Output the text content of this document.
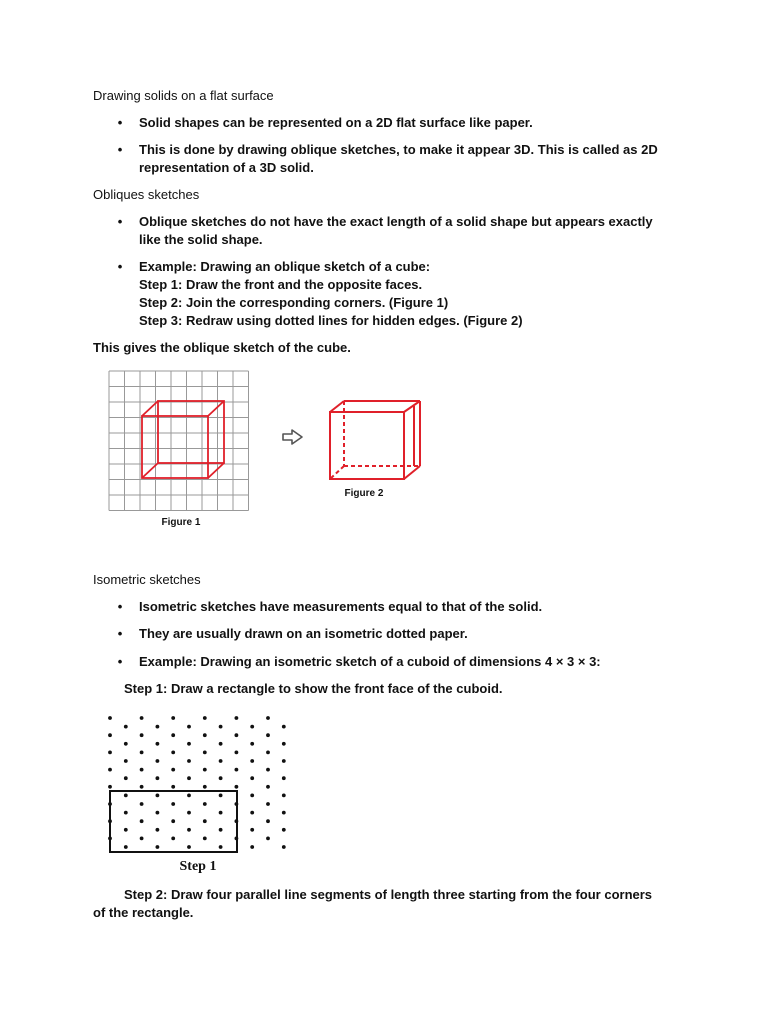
Drawing solids on a flat surface
• Solid shapes can be represented on a 2D flat surface like paper.
• This is done by drawing oblique sketches, to make it appear 3D. This is called as 2D
representation of a 3D solid.
Obliques sketches
• Oblique sketches do not have the exact length of a solid shape but appears exactly
like the solid shape.
• Example: Drawing an oblique sketch of a cube:
Step 1: Draw the front and the opposite faces.
Step 2: Join the corresponding corners. (Figure 1)
Step 3: Redraw using dotted lines for hidden edges. (Figure 2)
This gives the oblique sketch of the cube.
Figure 1
Figure 2
Isometric sketches
• Isometric sketches have measurements equal to that of the solid.
• They are usually drawn on an isometric dotted paper.
• Example: Drawing an isometric sketch of a cuboid of dimensions 4 × 3 × 3:
Step 1: Draw a rectangle to show the front face of the cuboid.
Step 1
Step 2: Draw four parallel line segments of length three starting from the four corners
of the rectangle.
